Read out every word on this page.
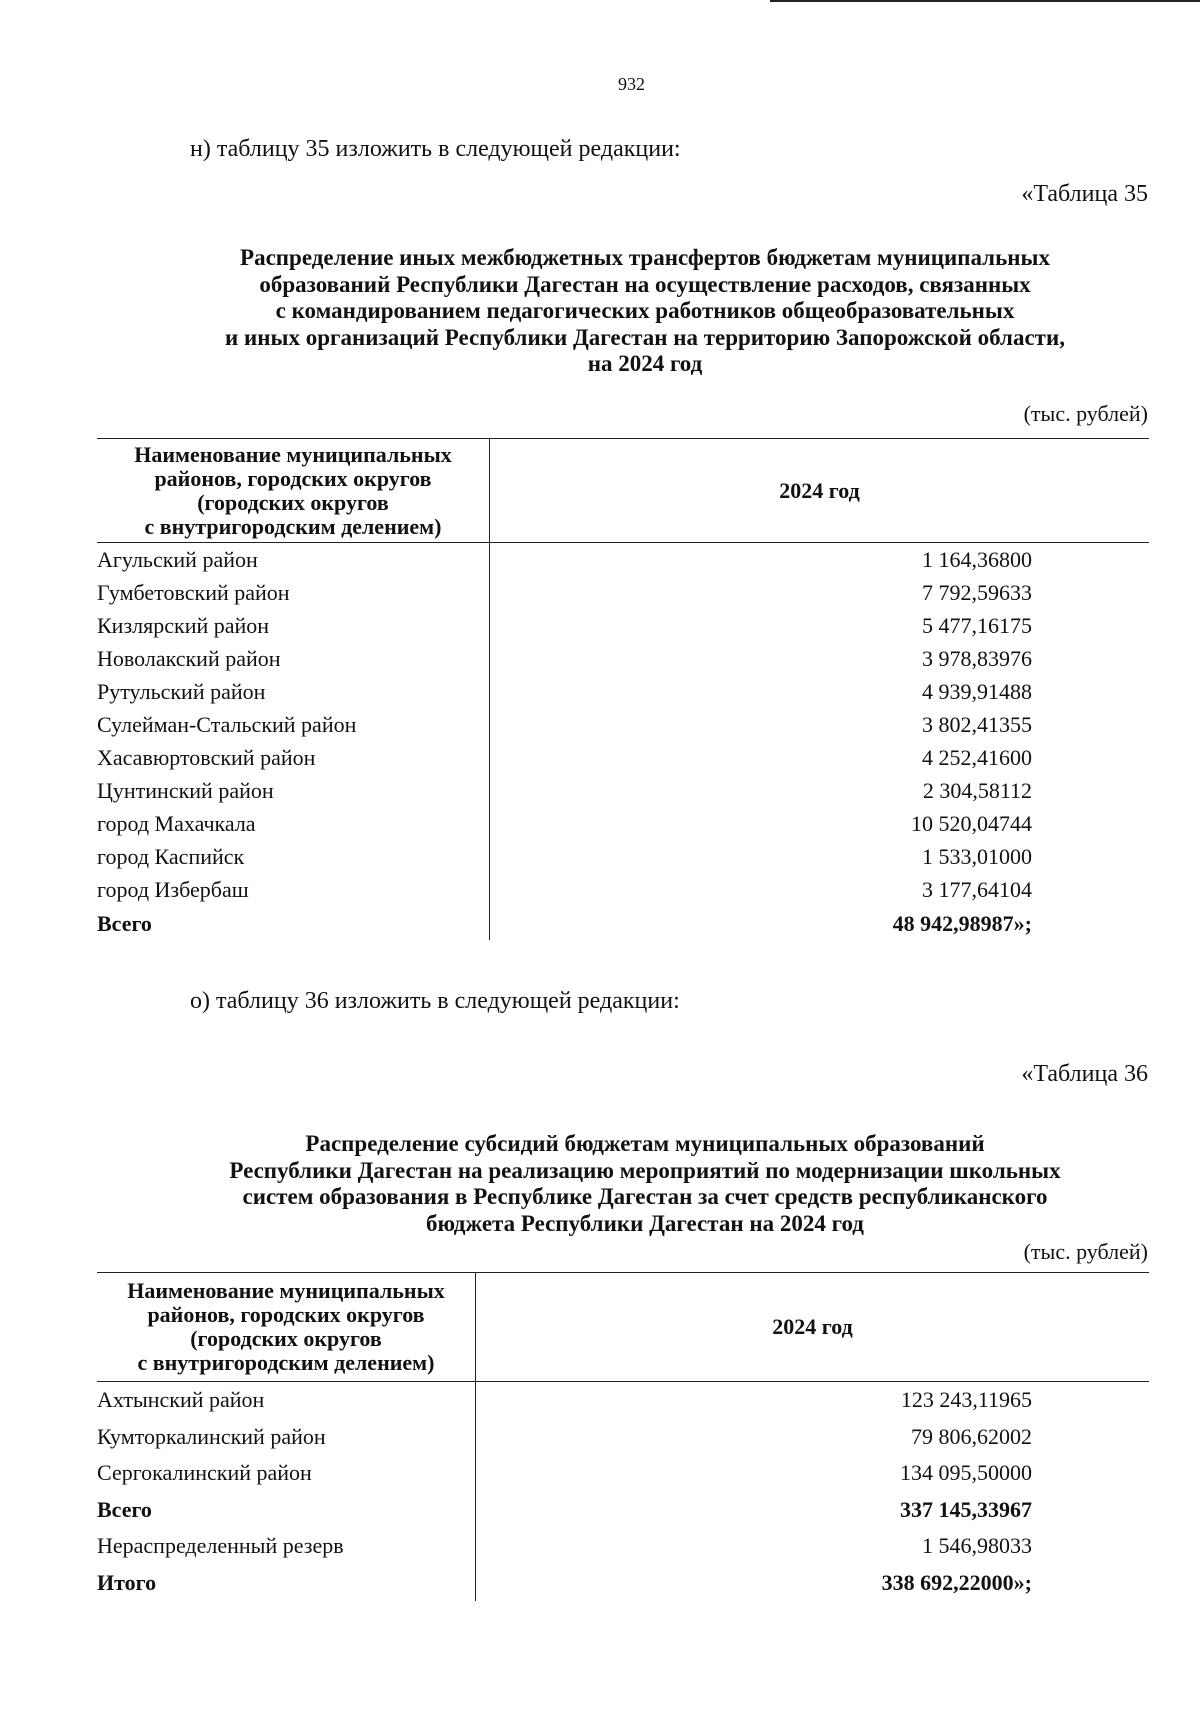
932
н) таблицу 35 изложить в следующей редакции:
«Таблица 35
Распределение иных межбюджетных трансфертов бюджетам муниципальных
образований Республики Дагестан на осуществление расходов, связанных
с командированием педагогических работников общеобразовательных
и иных организаций Республики Дагестан на территорию Запорожской области,
на 2024 год
(тыс. рублей)
Наименование муниципальных
районов, городских округов
(городских округов
с внутригородским делением)	2024 год
Агульский район	1 164,36800
Гумбетовский район	7 792,59633
Кизлярский район	5 477,16175
Новолакский район	3 978,83976
Рутульский район	4 939,91488
Сулейман-Стальский район	3 802,41355
Хасавюртовский район	4 252,41600
Цунтинский район	2 304,58112
город Махачкала	10 520,04744
город Каспийск	1 533,01000
город Избербаш	3 177,64104
Всего	48 942,98987»;
о) таблицу 36 изложить в следующей редакции:
«Таблица 36
Распределение субсидий бюджетам муниципальных образований
Республики Дагестан на реализацию мероприятий по модернизации школьных
систем образования в Республике Дагестан за счет средств республиканского
бюджета Республики Дагестан на 2024 год
(тыс. рублей)
Наименование муниципальных
районов, городских округов
(городских округов
с внутригородским делением)	2024 год
Ахтынский район	123 243,11965
Кумторкалинский район	79 806,62002
Сергокалинский район	134 095,50000
Всего	337 145,33967
Нераспределенный резерв	1 546,98033
Итого	338 692,22000»;
